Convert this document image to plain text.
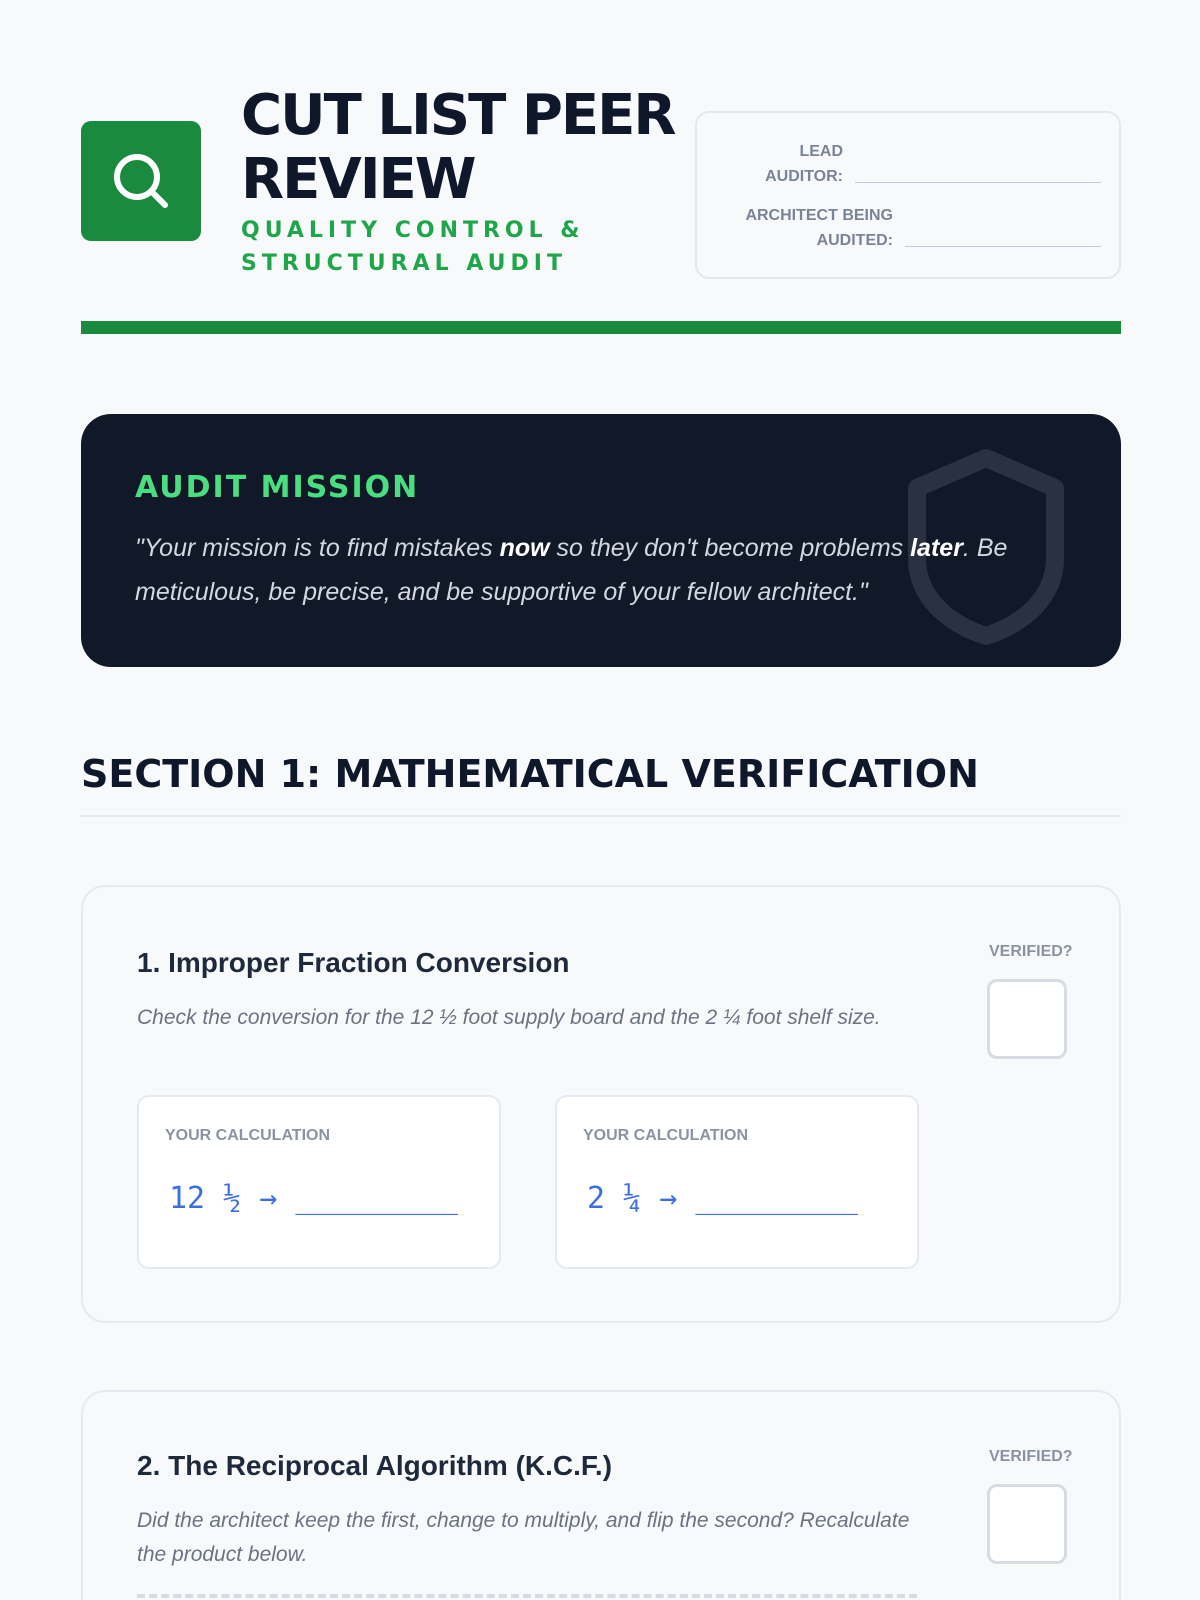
CUT LIST PEER
REVIEW
QUALITY CONTROL &
STRUCTURAL AUDIT
LEAD
AUDITOR:
ARCHITECT BEING
AUDITED:
AUDIT MISSION
"Your mission is to find mistakes now so they don't become problems later. Be meticulous, be precise, and be supportive of your fellow architect."
SECTION 1: MATHEMATICAL VERIFICATION
1. Improper Fraction Conversion
Check the conversion for the 12 ½ foot supply board and the 2 ¼ foot shelf size.
VERIFIED?
YOUR CALCULATION
12 ½ → _________
YOUR CALCULATION
2 ¼ → _________
2. The Reciprocal Algorithm (K.C.F.)
Did the architect keep the first, change to multiply, and flip the second? Recalculate the product below.
VERIFIED?
